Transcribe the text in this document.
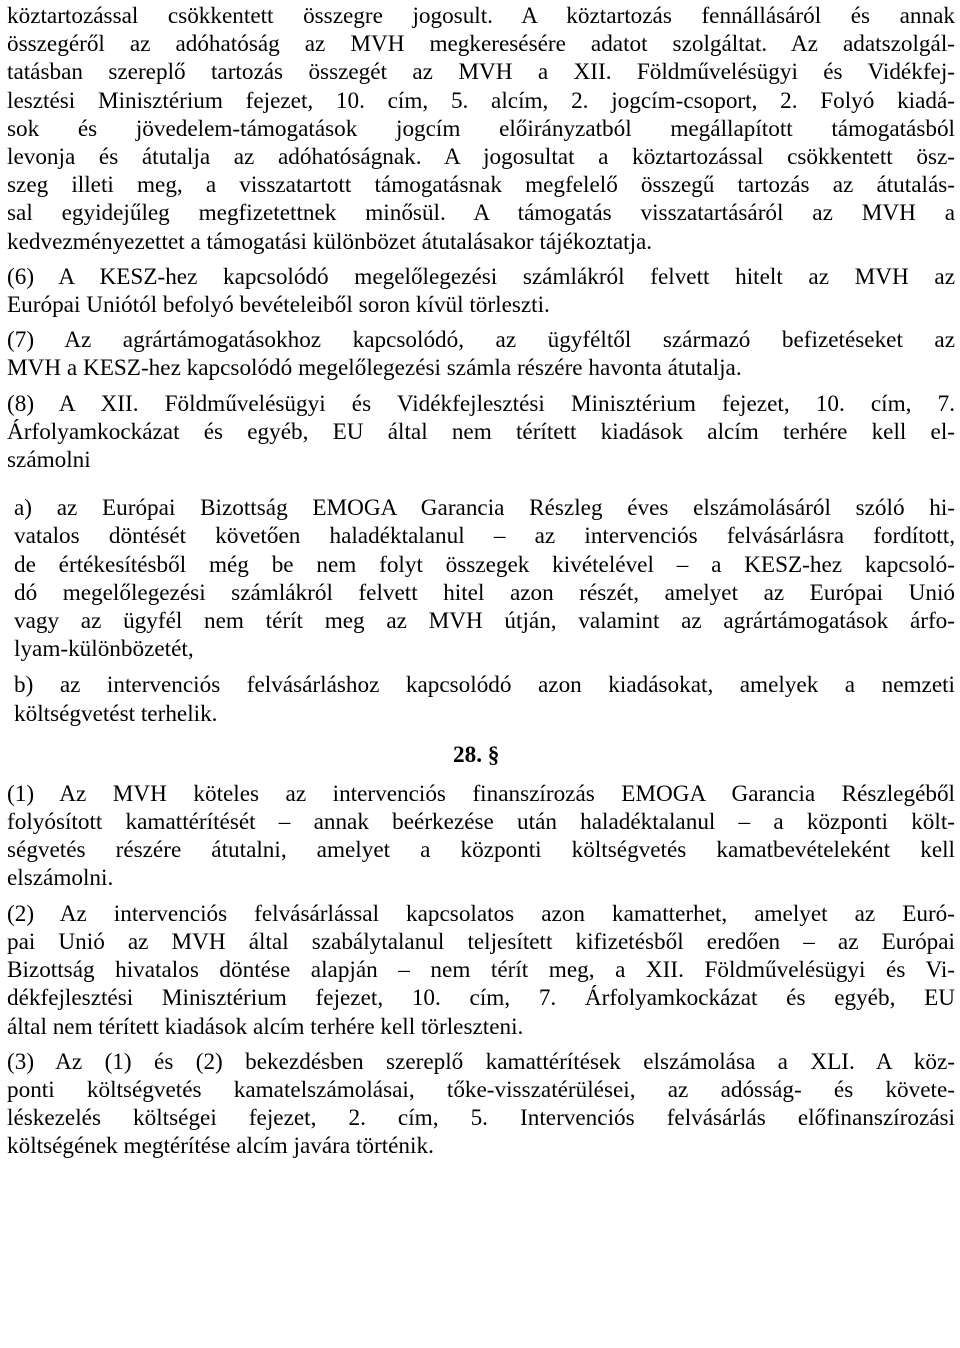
köztartozással csökkentett összegre jogosult. A köztartozás fennállásáról és annak
összegéről az adóhatóság az MVH megkeresésére adatot szolgáltat. Az adatszolgál-
tatásban szereplő tartozás összegét az MVH a XII. Földművelésügyi és Vidékfej-
lesztési Minisztérium fejezet, 10. cím, 5. alcím, 2. jogcím-csoport, 2. Folyó kiadá-
sok és jövedelem-támogatások jogcím előirányzatból megállapított támogatásból
levonja és átutalja az adóhatóságnak. A jogosultat a köztartozással csökkentett ösz-
szeg illeti meg, a visszatartott támogatásnak megfelelő összegű tartozás az átutalás-
sal egyidejűleg megfizetettnek minősül. A támogatás visszatartásáról az MVH a
kedvezményezettet a támogatási különbözet átutalásakor tájékoztatja.
(6) A KESZ-hez kapcsolódó megelőlegezési számlákról felvett hitelt az MVH az
Európai Uniótól befolyó bevételeiből soron kívül törleszti.
(7) Az agrártámogatásokhoz kapcsolódó, az ügyféltől származó befizetéseket az
MVH a KESZ-hez kapcsolódó megelőlegezési számla részére havonta átutalja.
(8) A XII. Földművelésügyi és Vidékfejlesztési Minisztérium fejezet, 10. cím, 7.
Árfolyamkockázat és egyéb, EU által nem térített kiadások alcím terhére kell el-
számolni
a) az Európai Bizottság EMOGA Garancia Részleg éves elszámolásáról szóló hi-
vatalos döntését követően haladéktalanul – az intervenciós felvásárlásra fordított,
de értékesítésből még be nem folyt összegek kivételével – a KESZ-hez kapcsoló-
dó megelőlegezési számlákról felvett hitel azon részét, amelyet az Európai Unió
vagy az ügyfél nem térít meg az MVH útján, valamint az agrártámogatások árfo-
lyam-különbözetét,
b) az intervenciós felvásárláshoz kapcsolódó azon kiadásokat, amelyek a nemzeti
költségvetést terhelik.
28. §
(1) Az MVH köteles az intervenciós finanszírozás EMOGA Garancia Részlegéből
folyósított kamattérítését – annak beérkezése után haladéktalanul – a központi költ-
ségvetés részére átutalni, amelyet a központi költségvetés kamatbevételeként kell
elszámolni.
(2) Az intervenciós felvásárlással kapcsolatos azon kamatterhet, amelyet az Euró-
pai Unió az MVH által szabálytalanul teljesített kifizetésből eredően – az Európai
Bizottság hivatalos döntése alapján – nem térít meg, a XII. Földművelésügyi és Vi-
dékfejlesztési Minisztérium fejezet, 10. cím, 7. Árfolyamkockázat és egyéb, EU
által nem térített kiadások alcím terhére kell törleszteni.
(3) Az (1) és (2) bekezdésben szereplő kamattérítések elszámolása a XLI. A köz-
ponti költségvetés kamatelszámolásai, tőke-visszatérülései, az adósság- és követe-
léskezelés költségei fejezet, 2. cím, 5. Intervenciós felvásárlás előfinanszírozási
költségének megtérítése alcím javára történik.
